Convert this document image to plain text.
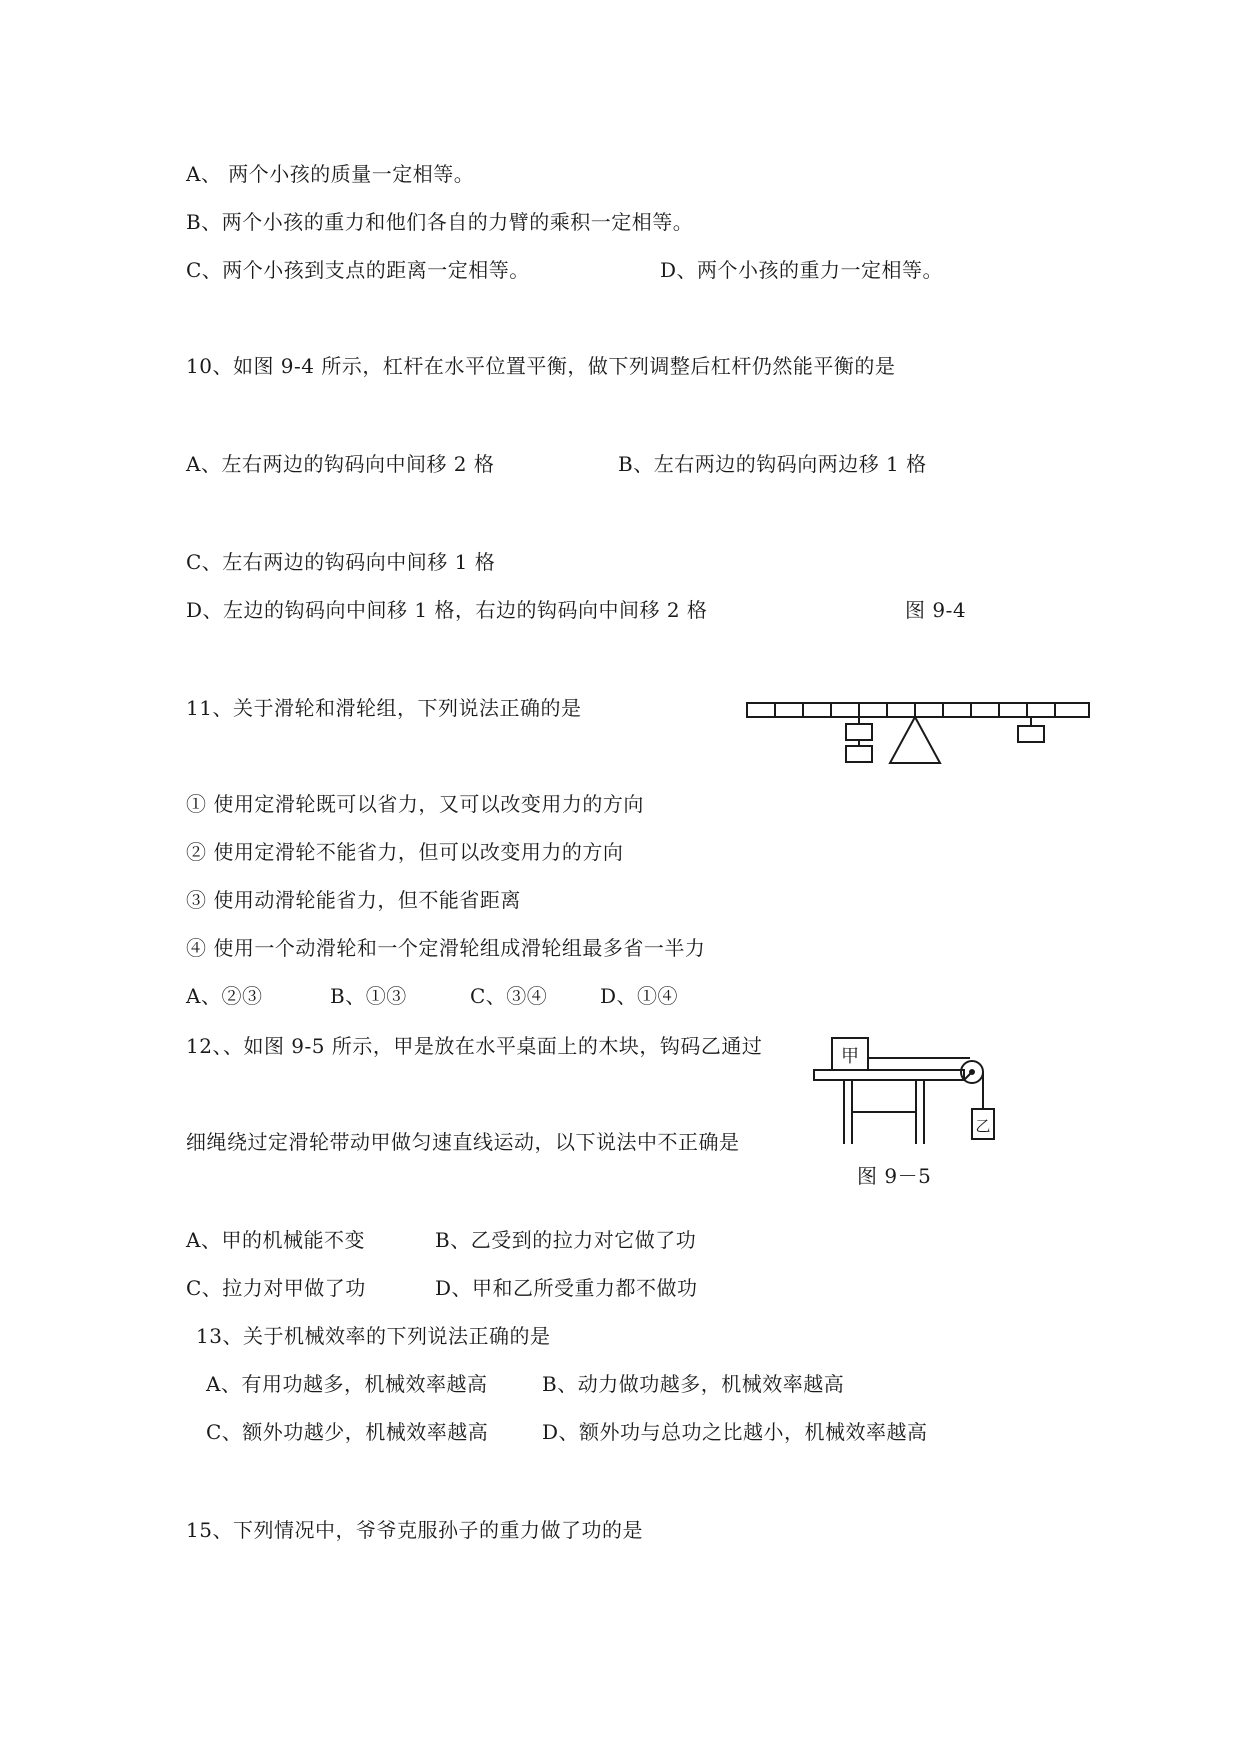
A、 两个小孩的质量一定相等。
B、两个小孩的重力和他们各自的力臂的乘积一定相等。
C、两个小孩到支点的距离一定相等。	D、两个小孩的重力一定相等。
10、如图 9-4 所示，杠杆在水平位置平衡，做下列调整后杠杆仍然能平衡的是
A、左右两边的钩码向中间移 2 格	B、左右两边的钩码向两边移 1 格
C、左右两边的钩码向中间移 1 格
D、左边的钩码向中间移 1 格，右边的钩码向中间移 2 格	图 9-4
11、关于滑轮和滑轮组，下列说法正确的是
① 使用定滑轮既可以省力，又可以改变用力的方向
② 使用定滑轮不能省力，但可以改变用力的方向
③ 使用动滑轮能省力，但不能省距离
④ 使用一个动滑轮和一个定滑轮组成滑轮组最多省一半力
A、②③	B、①③	C、③④	D、①④
12、、如图 9-5 所示，甲是放在水平桌面上的木块，钩码乙通过	甲
乙
细绳绕过定滑轮带动甲做匀速直线运动，以下说法中不正确是
图 9－5
A、甲的机械能不变	B、乙受到的拉力对它做了功
C、拉力对甲做了功	D、甲和乙所受重力都不做功
13、关于机械效率的下列说法正确的是
A、有用功越多，机械效率越高	B、动力做功越多，机械效率越高
C、额外功越少，机械效率越高	D、额外功与总功之比越小，机械效率越高
15、下列情况中，爷爷克服孙子的重力做了功的是
